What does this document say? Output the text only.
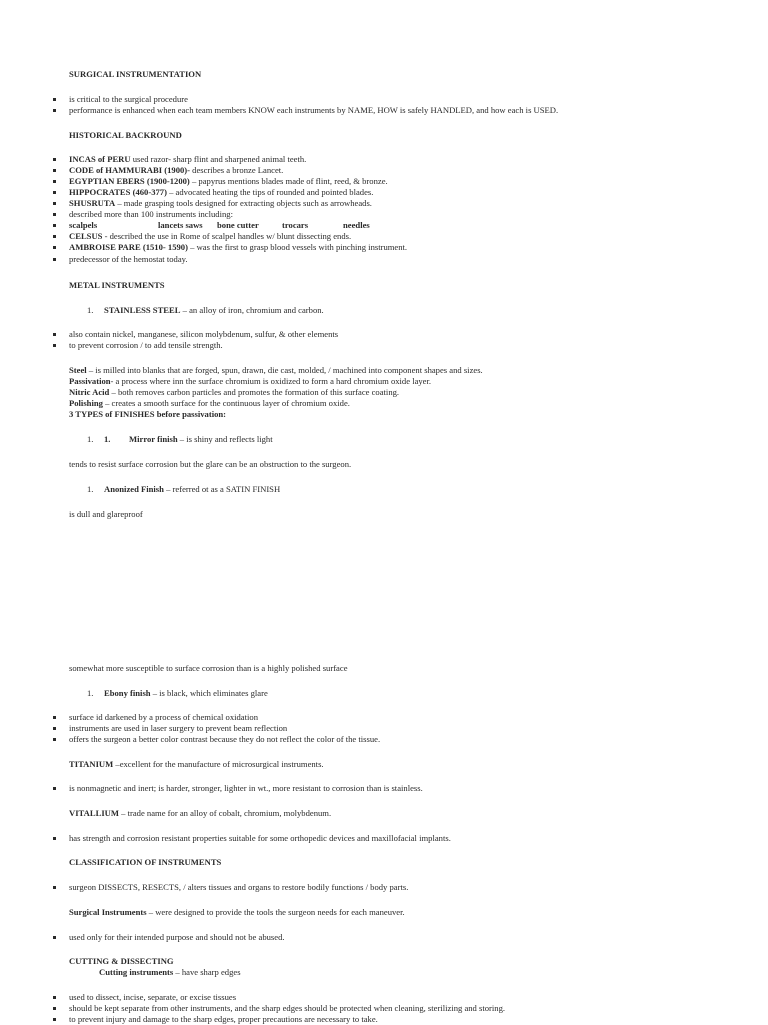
SURGICAL INSTRUMENTATION
is critical to the surgical procedure
performance is enhanced when each team members KNOW each instruments by NAME, HOW is safely HANDLED, and how each is USED.
HISTORICAL BACKROUND
INCAS of PERU used razor- sharp flint and sharpened animal teeth.
CODE of HAMMURABI (1900)- describes a bronze Lancet.
EGYPTIAN EBERS (1900-1200) – papyrus mentions blades made of flint, reed, & bronze.
HIPPOCRATES (460-377) – advocated heating the tips of rounded and pointed blades.
SHUSRUTA – made grasping tools designed for extracting objects such as arrowheads.
described more than 100 instruments including:
scalpels	lancets saws bone cutter	trocars	needles
CELSUS - described the use in Rome of scalpel handles w/ blunt dissecting ends.
AMBROISE PARE (1510- 1590) – was the first to grasp blood vessels with pinching instrument.
predecessor of the hemostat today.
METAL INSTRUMENTS
1. STAINLESS STEEL – an alloy of iron, chromium and carbon.
also contain nickel, manganese, silicon molybdenum, sulfur, & other elements
to prevent corrosion / to add tensile strength.
Steel – is milled into blanks that are forged, spun, drawn, die cast, molded, / machined into component shapes and sizes.
Passivation- a process where inn the surface chromium is oxidized to form a hard chromium oxide layer.
Nitric Acid – both removes carbon particles and promotes the formation of this surface coating.
Polishing – creates a smooth surface for the continuous layer of chromium oxide.
3 TYPES of FINISHES before passivation:
1. 1. Mirror finish – is shiny and reflects light
tends to resist surface corrosion but the glare can be an obstruction to the surgeon.
1. Anonized Finish – referred ot as a SATIN FINISH
is dull and glareproof
somewhat more susceptible to surface corrosion than is a highly polished surface
1. Ebony finish – is black, which eliminates glare
surface id darkened by a process of chemical oxidation
instruments are used in laser surgery to prevent beam reflection
offers the surgeon a better color contrast because they do not reflect the color of the tissue.
TITANIUM –excellent for the manufacture of microsurgical instruments.
is nonmagnetic and inert; is harder, stronger, lighter in wt., more resistant to corrosion than is stainless.
VITALLIUM – trade name for an alloy of cobalt, chromium, molybdenum.
has strength and corrosion resistant properties suitable for some orthopedic devices and maxillofacial implants.
CLASSIFICATION OF INSTRUMENTS
surgeon DISSECTS, RESECTS, / alters tissues and organs to restore bodily functions / body parts.
Surgical Instruments – were designed to provide the tools the surgeon needs for each maneuver.
used only for their intended purpose and should not be abused.
CUTTING & DISSECTING
Cutting instruments – have sharp edges
used to dissect, incise, separate, or excise tissues
should be kept separate from other instruments, and the sharp edges should be protected when cleaning, sterilizing and storing.
to prevent injury and damage to the sharp edges, proper precautions are necessary to take.
